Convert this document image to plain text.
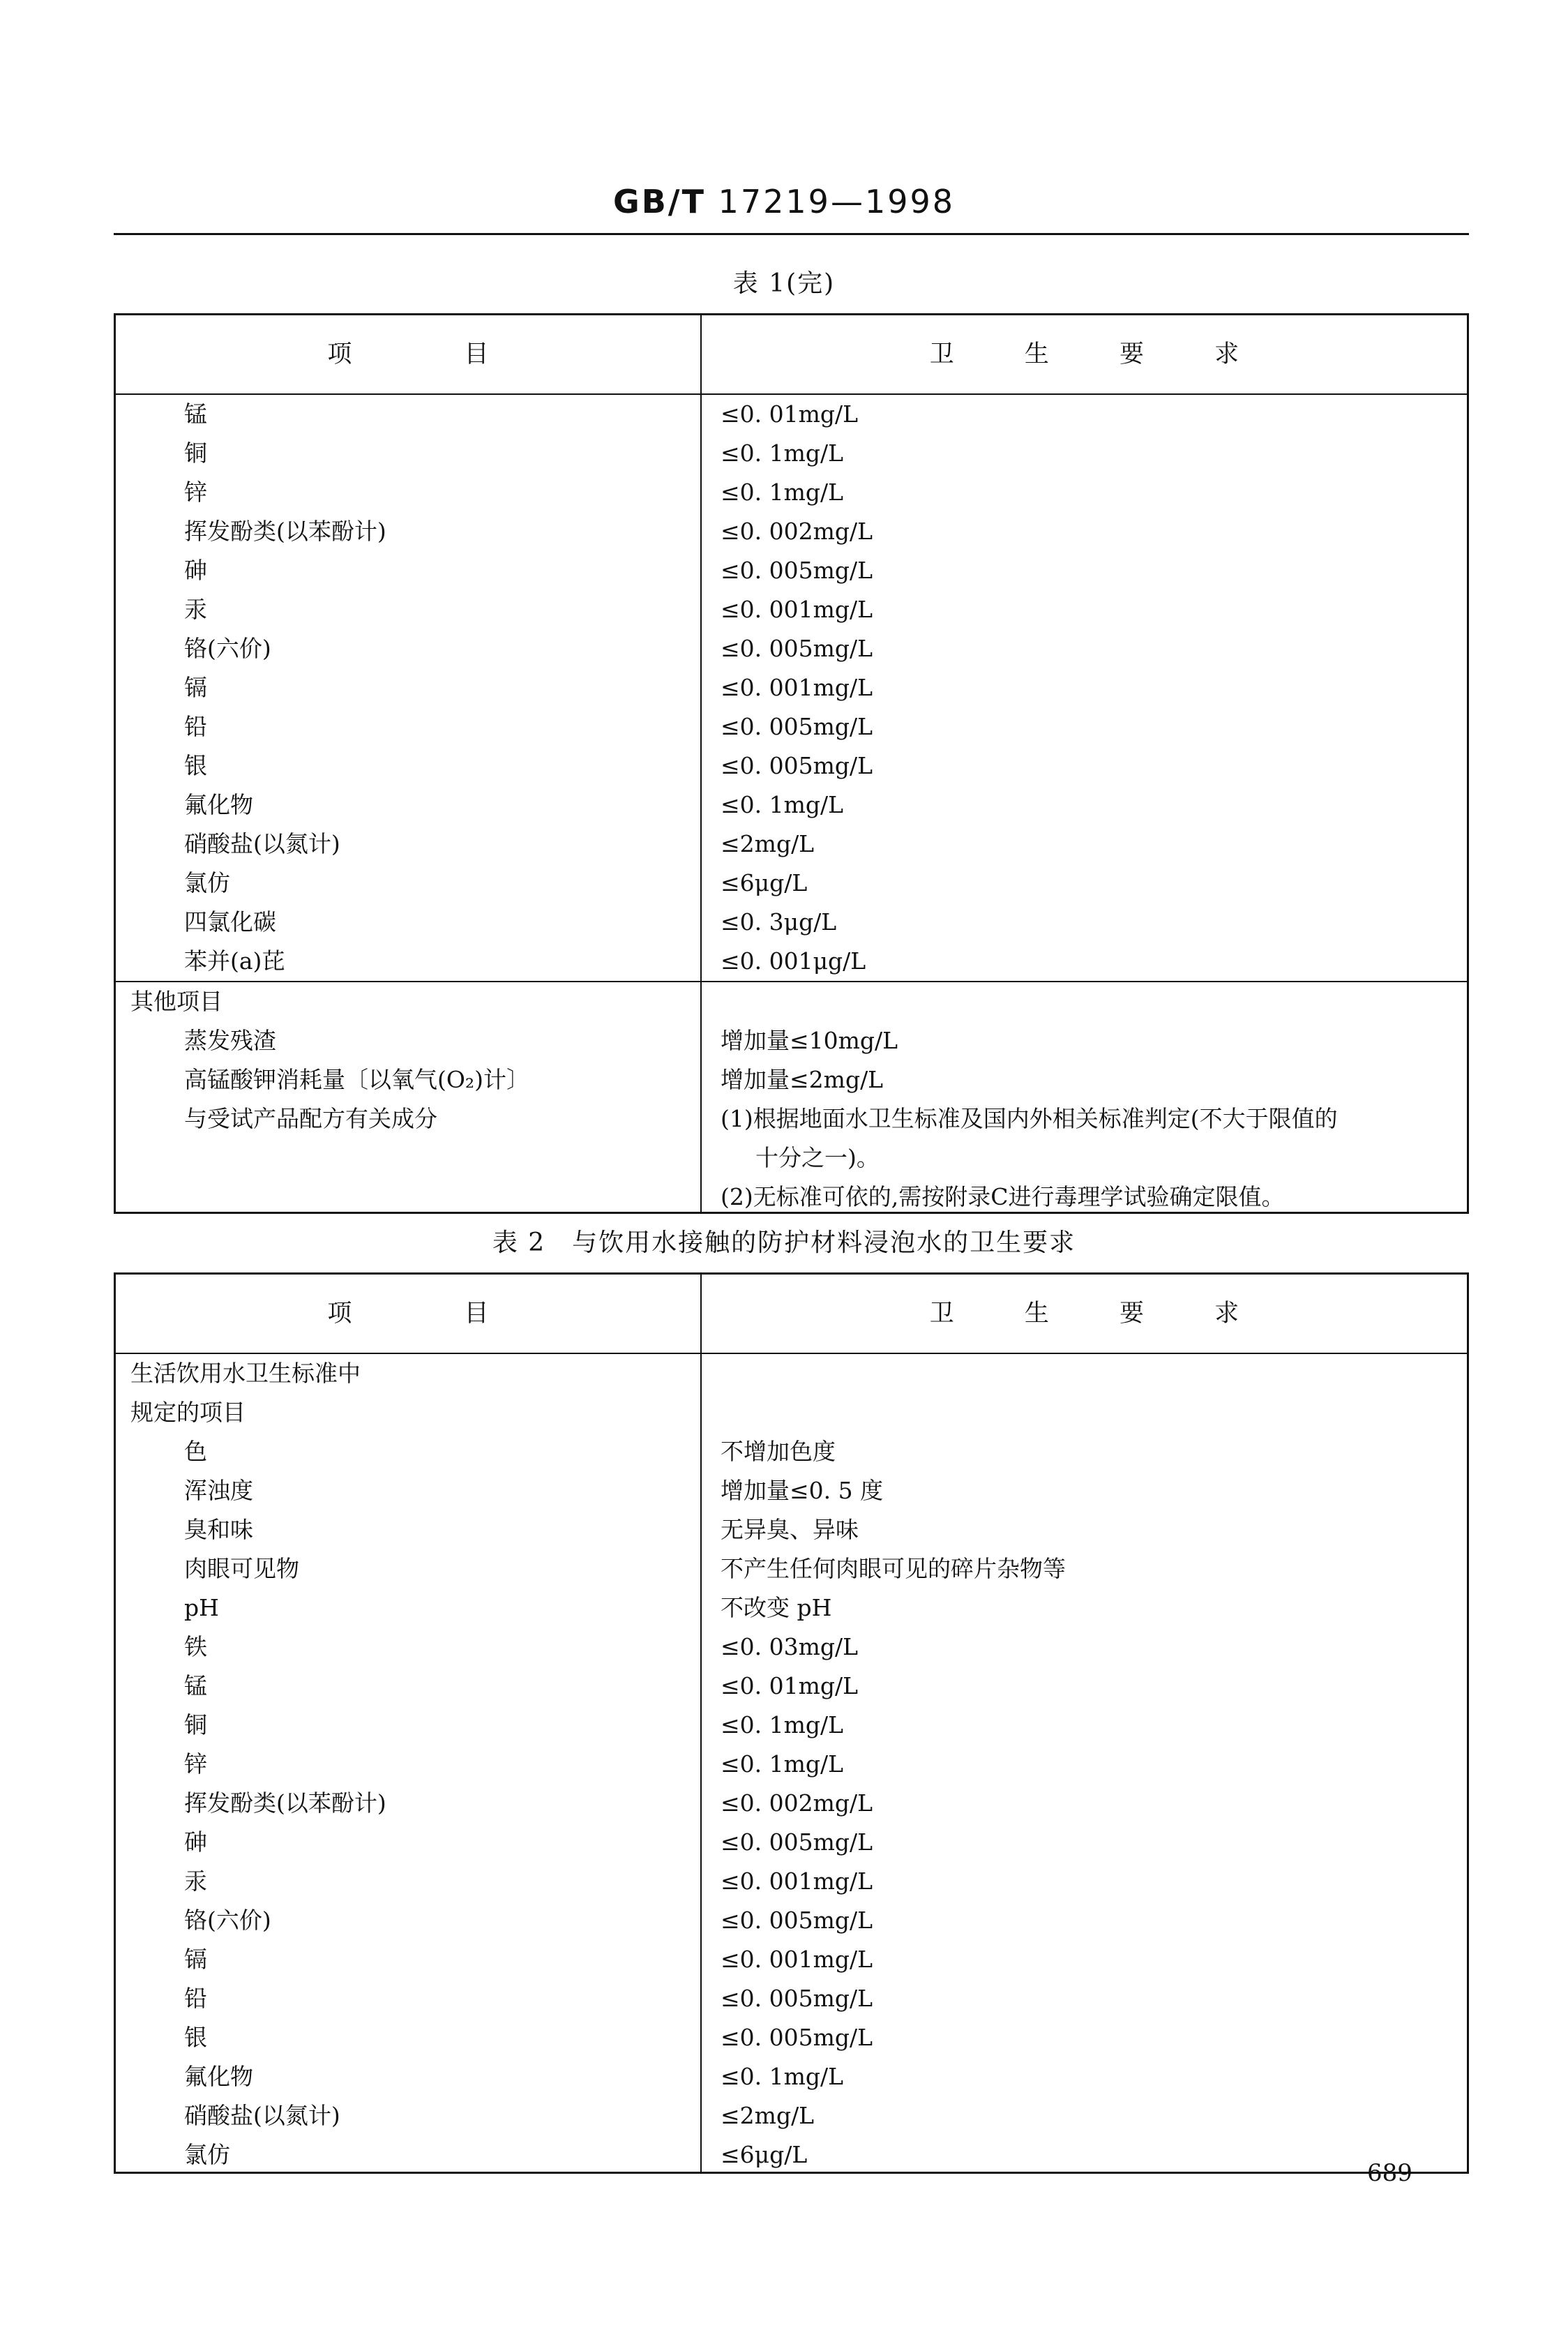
GB/T 17219—1998
表 1(完)
项 目	卫 生 要 求
锰	≤0. 01mg/L
铜	≤0. 1mg/L
锌	≤0. 1mg/L
挥发酚类(以苯酚计)	≤0. 002mg/L
砷	≤0. 005mg/L
汞	≤0. 001mg/L
铬(六价)	≤0. 005mg/L
镉	≤0. 001mg/L
铅	≤0. 005mg/L
银	≤0. 005mg/L
氟化物	≤0. 1mg/L
硝酸盐(以氮计)	≤2mg/L
氯仿	≤6μg/L
四氯化碳	≤0. 3μg/L
苯并(a)芘	≤0. 001μg/L
其他项目
蒸发残渣	增加量≤10mg/L
高锰酸钾消耗量〔以氧气(O₂)计〕	增加量≤2mg/L
与受试产品配方有关成分	(1)根据地面水卫生标准及国内外相关标准判定(不大于限值的
十分之一)。
(2)无标准可依的,需按附录C进行毒理学试验确定限值。
表 2　与饮用水接触的防护材料浸泡水的卫生要求
项 目	卫 生 要 求
生活饮用水卫生标准中
规定的项目
色	不增加色度
浑浊度	增加量≤0. 5 度
臭和味	无异臭、异味
肉眼可见物	不产生任何肉眼可见的碎片杂物等
pH	不改变 pH
铁	≤0. 03mg/L
锰	≤0. 01mg/L
铜	≤0. 1mg/L
锌	≤0. 1mg/L
挥发酚类(以苯酚计)	≤0. 002mg/L
砷	≤0. 005mg/L
汞	≤0. 001mg/L
铬(六价)	≤0. 005mg/L
镉	≤0. 001mg/L
铅	≤0. 005mg/L
银	≤0. 005mg/L
氟化物	≤0. 1mg/L
硝酸盐(以氮计)	≤2mg/L
氯仿	≤6μg/L
689
